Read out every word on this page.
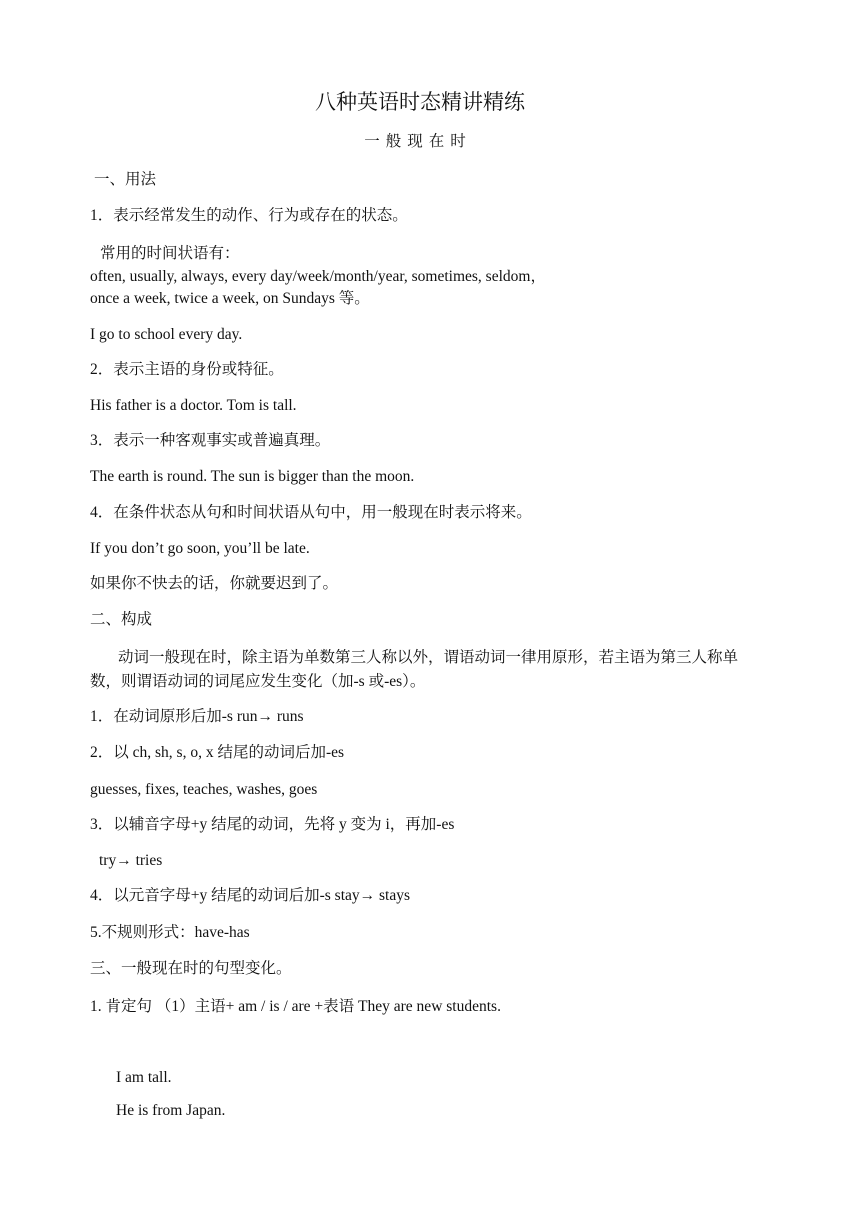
八种英语时态精讲精练
一般现在时
一、用法
1．表示经常发生的动作、行为或存在的状态。
常用的时间状语有：
often, usually, always, every day/week/month/year, sometimes, seldom，
once a week, twice a week, on Sundays 等。
I go to school every day.
2．表示主语的身份或特征。
His father is a doctor. Tom is tall.
3．表示一种客观事实或普遍真理。
The earth is round. The sun is bigger than the moon.
4．在条件状态从句和时间状语从句中，用一般现在时表示将来。
If you don’t go soon, you’ll be late.
如果你不快去的话，你就要迟到了。
二、构成
动词一般现在时，除主语为单数第三人称以外，谓语动词一律用原形，若主语为第三人称单数，则谓语动词的词尾应发生变化（加-s 或-es）。
1．在动词原形后加-s run→ runs
2．以 ch, sh, s, o, x 结尾的动词后加-es
guesses, fixes, teaches, washes, goes
3．以辅音字母+y 结尾的动词，先将 y 变为 i，再加-es
try→ tries
4．以元音字母+y 结尾的动词后加-s stay→ stays
5.不规则形式：have-has
三、一般现在时的句型变化。
1. 肯定句 （1）主语+ am / is / are +表语 They are new students.
I am tall.
He is from Japan.
